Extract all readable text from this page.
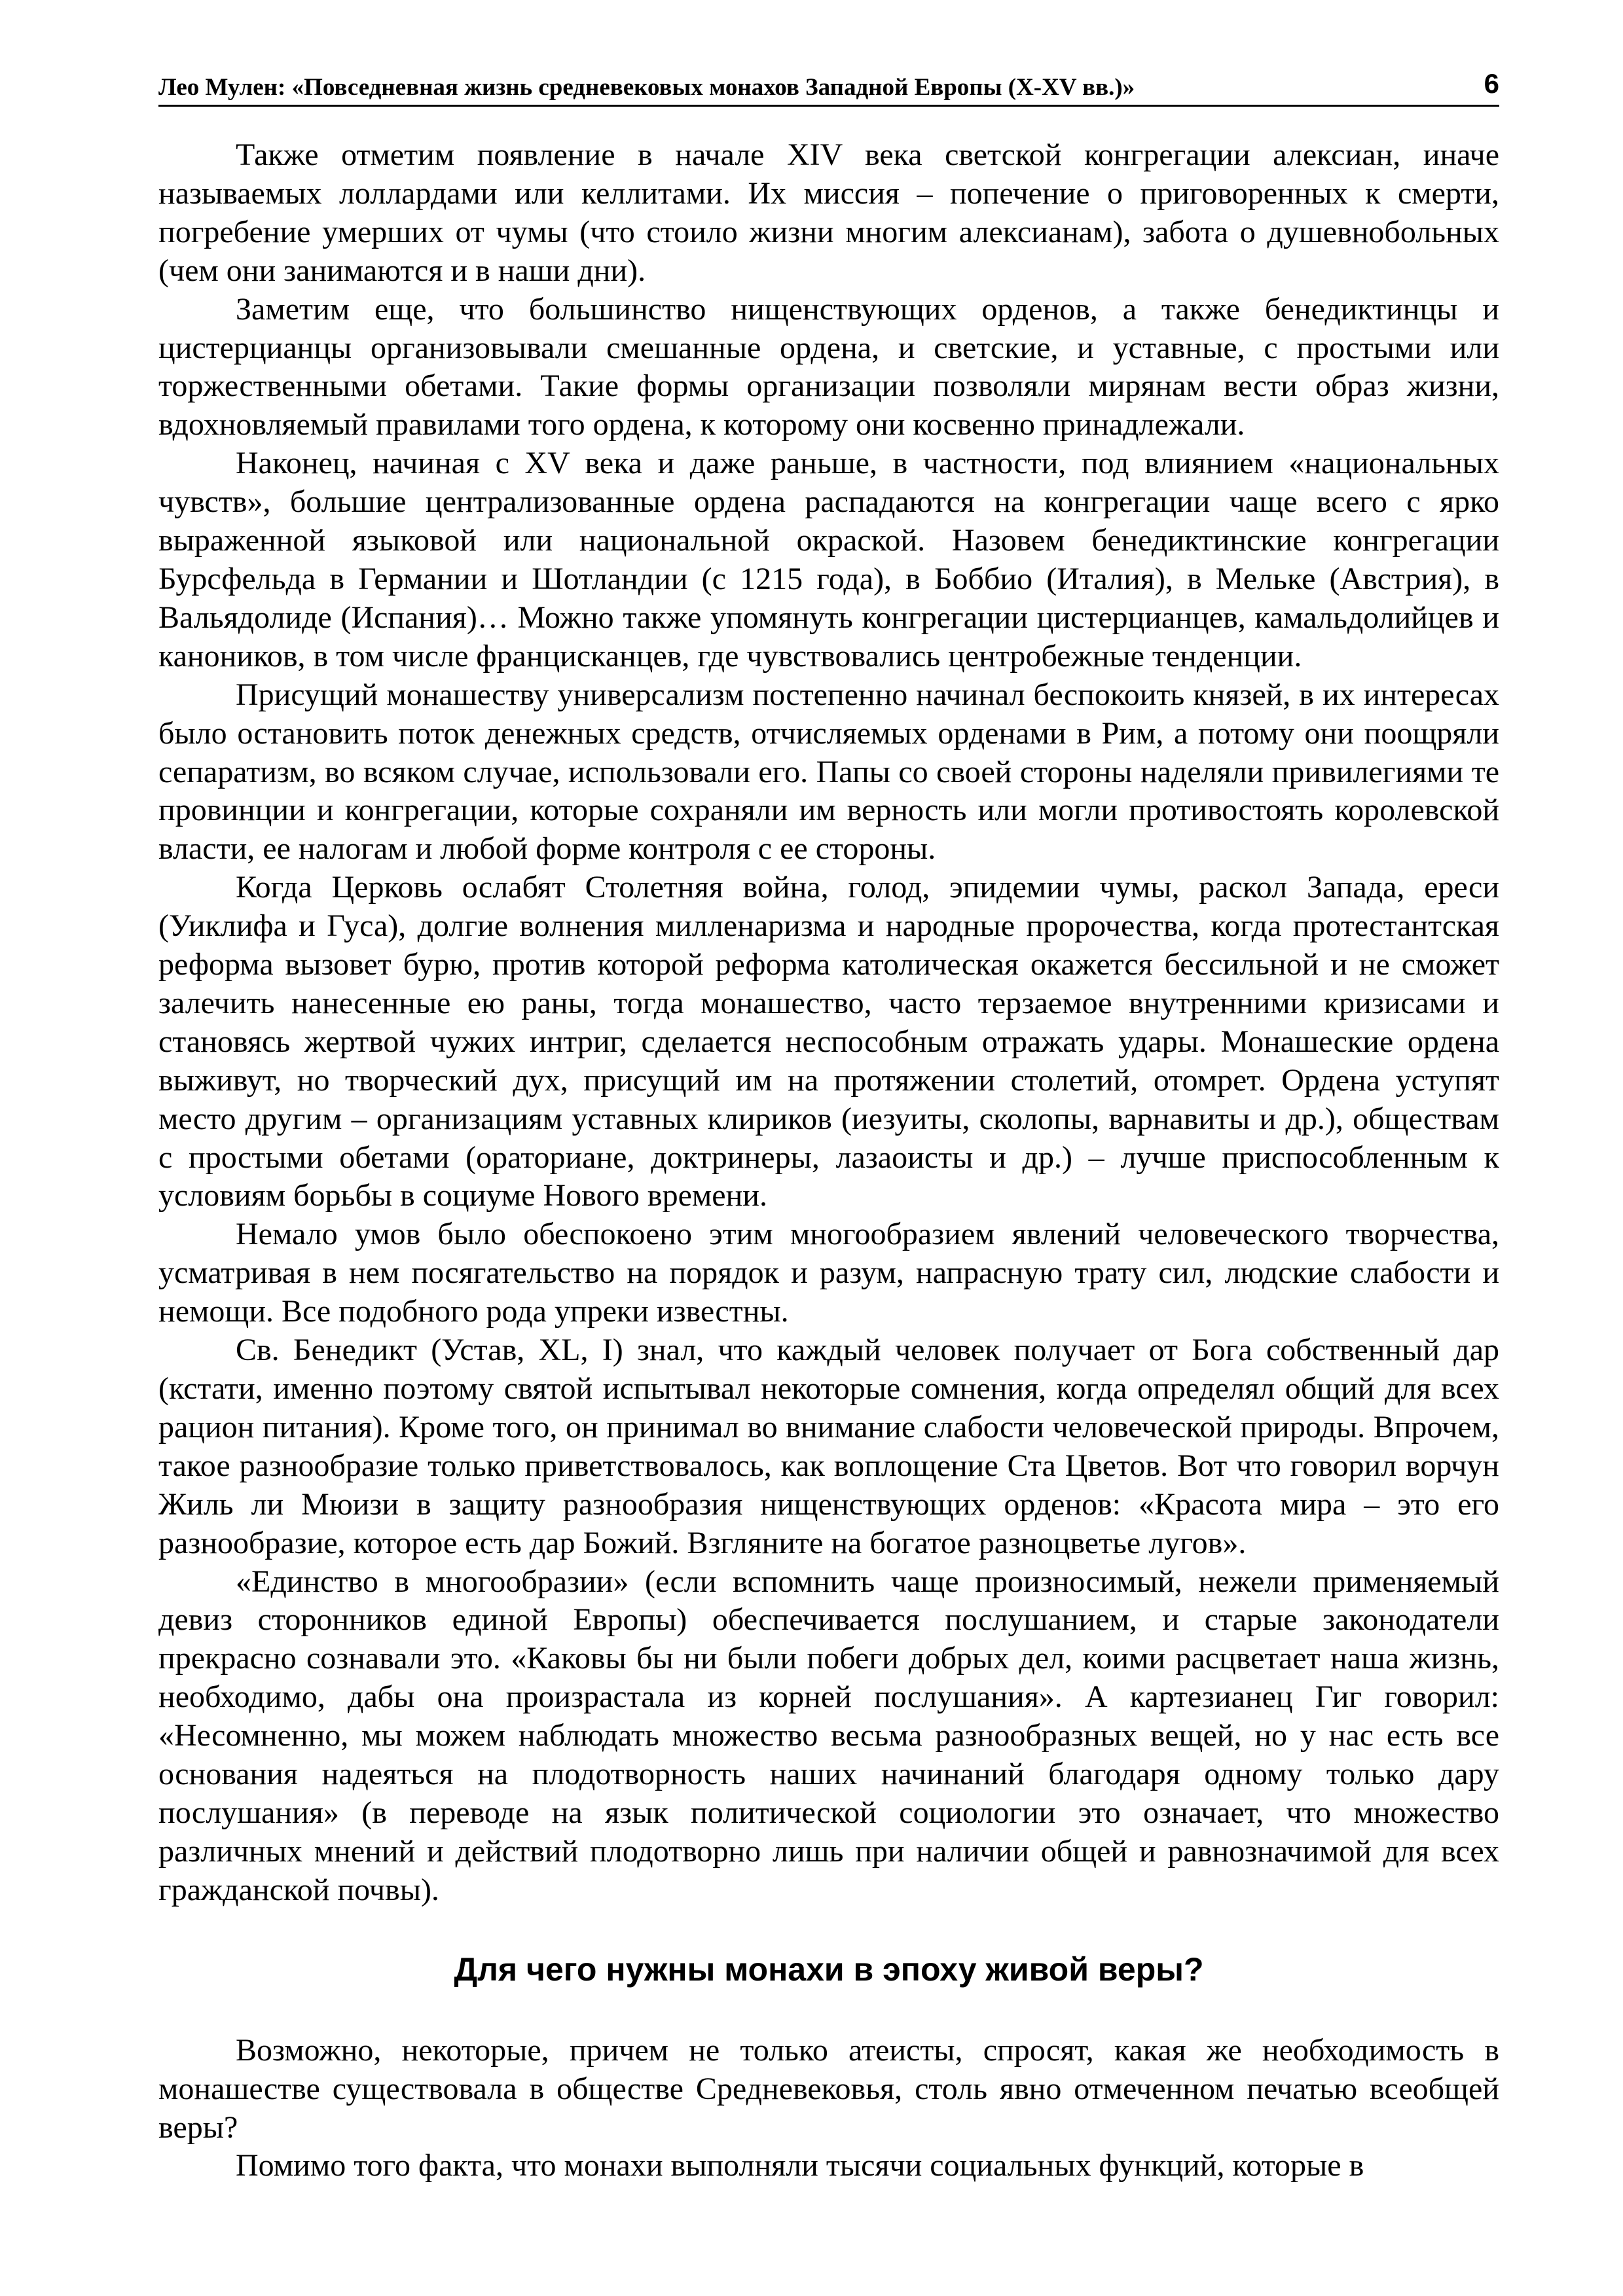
Лео Мулен: «Повседневная жизнь средневековых монахов Западной Европы (X-XV вв.)»	6

Также отметим появление в начале XIV века светской конгрегации алексиан, иначе называемых лоллардами или келлитами. Их миссия – попечение о приговоренных к смерти, погребение умерших от чумы (что стоило жизни многим алексианам), забота о душевнобольных (чем они занимаются и в наши дни).

Заметим еще, что большинство нищенствующих орденов, а также бенедиктинцы и цистерцианцы организовывали смешанные ордена, и светские, и уставные, с простыми или торжественными обетами. Такие формы организации позволяли мирянам вести образ жизни, вдохновляемый правилами того ордена, к которому они косвенно принадлежали.

Наконец, начиная с XV века и даже раньше, в частности, под влиянием «национальных чувств», большие централизованные ордена распадаются на конгрегации чаще всего с ярко выраженной языковой или национальной окраской. Назовем бенедиктинские конгрегации Бурсфельда в Германии и Шотландии (с 1215 года), в Боббио (Италия), в Мельке (Австрия), в Вальядолиде (Испания)… Можно также упомянуть конгрегации цистерцианцев, камальдолийцев и каноников, в том числе францисканцев, где чувствовались центробежные тенденции.

Присущий монашеству универсализм постепенно начинал беспокоить князей, в их интересах было остановить поток денежных средств, отчисляемых орденами в Рим, а потому они поощряли сепаратизм, во всяком случае, использовали его. Папы со своей стороны наделяли привилегиями те провинции и конгрегации, которые сохраняли им верность или могли противостоять королевской власти, ее налогам и любой форме контроля с ее стороны.

Когда Церковь ослабят Столетняя война, голод, эпидемии чумы, раскол Запада, ереси (Уиклифа и Гуса), долгие волнения милленаризма и народные пророчества, когда протестантская реформа вызовет бурю, против которой реформа католическая окажется бессильной и не сможет залечить нанесенные ею раны, тогда монашество, часто терзаемое внутренними кризисами и становясь жертвой чужих интриг, сделается неспособным отражать удары. Монашеские ордена выживут, но творческий дух, присущий им на протяжении столетий, отомрет. Ордена уступят место другим – организациям уставных клириков (иезуиты, сколопы, варнавиты и др.), обществам с простыми обетами (ораториане, доктринеры, лазаоисты и др.) – лучше приспособленным к условиям борьбы в социуме Нового времени.

Немало умов было обеспокоено этим многообразием явлений человеческого творчества, усматривая в нем посягательство на порядок и разум, напрасную трату сил, людские слабости и немощи. Все подобного рода упреки известны.

Св. Бенедикт (Устав, XL, I) знал, что каждый человек получает от Бога собственный дар (кстати, именно поэтому святой испытывал некоторые сомнения, когда определял общий для всех рацион питания). Кроме того, он принимал во внимание слабости человеческой природы. Впрочем, такое разнообразие только приветствовалось, как воплощение Ста Цветов. Вот что говорил ворчун Жиль ли Мюизи в защиту разнообразия нищенствующих орденов: «Красота мира – это его разнообразие, которое есть дар Божий. Взгляните на богатое разноцветье лугов».

«Единство в многообразии» (если вспомнить чаще произносимый, нежели применяемый девиз сторонников единой Европы) обеспечивается послушанием, и старые законодатели прекрасно сознавали это. «Каковы бы ни были побеги добрых дел, коими расцветает наша жизнь, необходимо, дабы она произрастала из корней послушания». А картезианец Гиг говорил: «Несомненно, мы можем наблюдать множество весьма разнообразных вещей, но у нас есть все основания надеяться на плодотворность наших начинаний благодаря одному только дару послушания» (в переводе на язык политической социологии это означает, что множество различных мнений и действий плодотворно лишь при наличии общей и равнозначимой для всех гражданской почвы).

Для чего нужны монахи в эпоху живой веры?

Возможно, некоторые, причем не только атеисты, спросят, какая же необходимость в монашестве существовала в обществе Средневековья, столь явно отмеченном печатью всеобщей веры?

Помимо того факта, что монахи выполняли тысячи социальных функций, которые в
